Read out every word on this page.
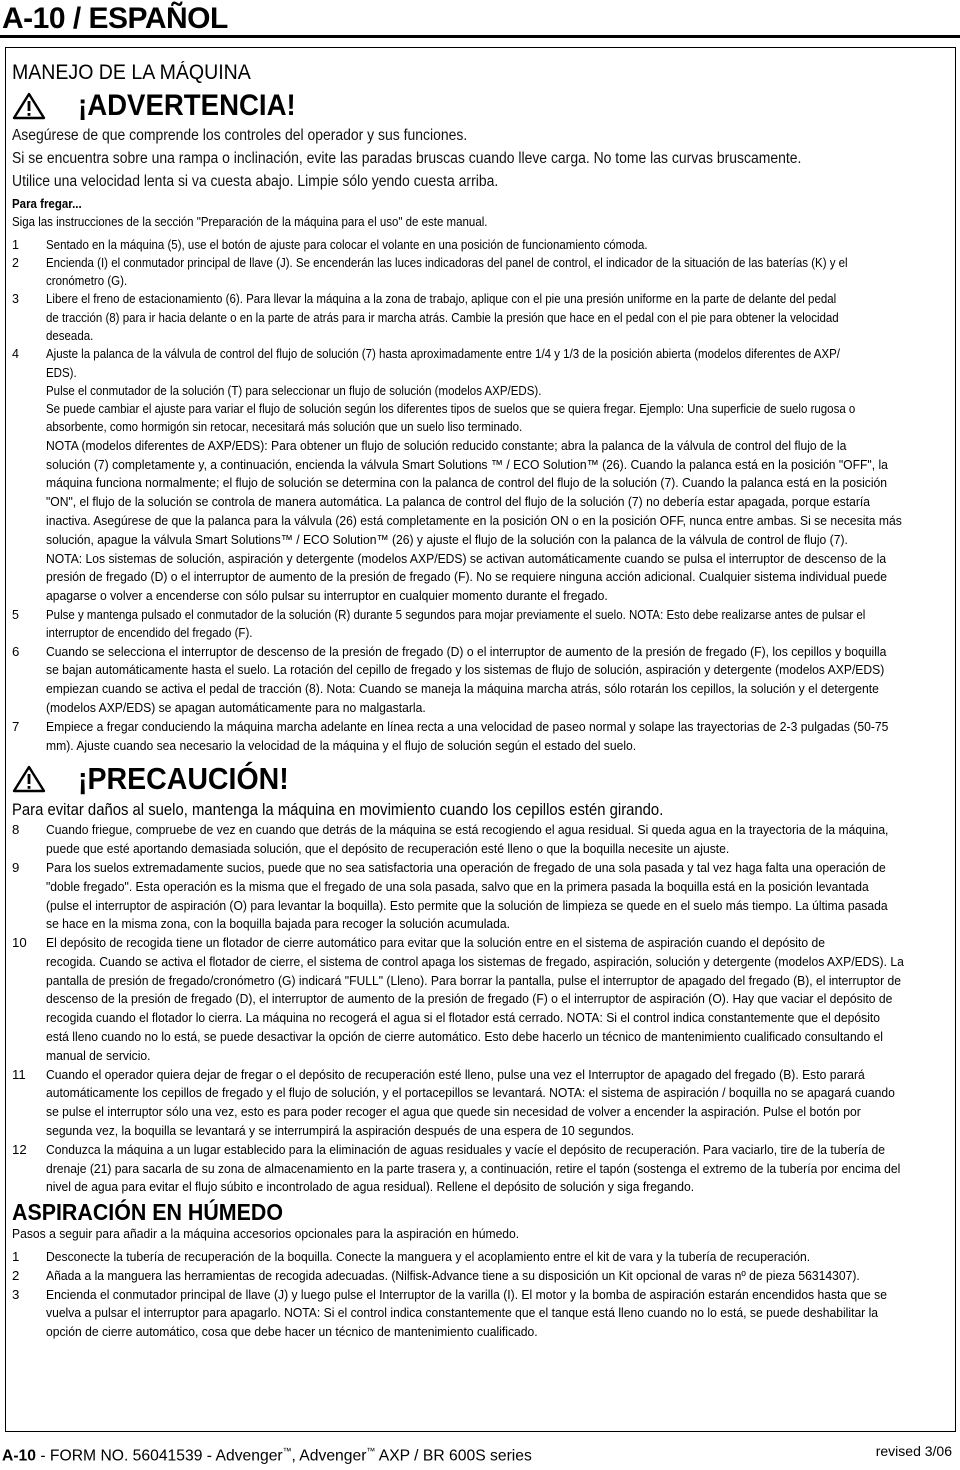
A-10 / ESPAÑOL
MANEJO DE LA MÁQUINA
¡ADVERTENCIA!

Asegúrese de que comprende los controles del operador y sus funciones.

Si se encuentra sobre una rampa o inclinación, evite las paradas bruscas cuando lleve carga. No tome las curvas bruscamente.

Utilice una velocidad lenta si va cuesta abajo. Limpie sólo yendo cuesta arriba.

Para fregar...

Siga las instrucciones de la sección "Preparación de la máquina para el uso" de este manual.

1 Sentado en la máquina (5), use el botón de ajuste para colocar el volante en una posición de funcionamiento cómoda.
2 Encienda (I) el conmutador principal de llave (J). Se encenderán las luces indicadoras del panel de control, el indicador de la situación de las baterías (K) y el
cronómetro (G).
3 Libere el freno de estacionamiento (6). Para llevar la máquina a la zona de trabajo, aplique con el pie una presión uniforme en la parte de delante del pedal
de tracción (8) para ir hacia delante o en la parte de atrás para ir marcha atrás. Cambie la presión que hace en el pedal con el pie para obtener la velocidad
deseada.
4 Ajuste la palanca de la válvula de control del flujo de solución (7) hasta aproximadamente entre 1/4 y 1/3 de la posición abierta (modelos diferentes de AXP/
EDS).
Pulse el conmutador de la solución (T) para seleccionar un flujo de solución (modelos AXP/EDS).
Se puede cambiar el ajuste para variar el flujo de solución según los diferentes tipos de suelos que se quiera fregar. Ejemplo: Una superficie de suelo rugosa o
absorbente, como hormigón sin retocar, necesitará más solución que un suelo liso terminado.
NOTA (modelos diferentes de AXP/EDS): Para obtener un flujo de solución reducido constante; abra la palanca de la válvula de control del flujo de la
solución (7) completamente y, a continuación, encienda la válvula Smart Solutions ™ / ECO Solution™ (26). Cuando la palanca está en la posición "OFF", la
máquina funciona normalmente; el flujo de solución se determina con la palanca de control del flujo de la solución (7). Cuando la palanca está en la posición
"ON", el flujo de la solución se controla de manera automática. La palanca de control del flujo de la solución (7) no debería estar apagada, porque estaría
inactiva. Asegúrese de que la palanca para la válvula (26) está completamente en la posición ON o en la posición OFF, nunca entre ambas. Si se necesita más
solución, apague la válvula Smart Solutions™ / ECO Solution™ (26) y ajuste el flujo de la solución con la palanca de la válvula de control de flujo (7).
NOTA: Los sistemas de solución, aspiración y detergente (modelos AXP/EDS) se activan automáticamente cuando se pulsa el interruptor de descenso de la
presión de fregado (D) o el interruptor de aumento de la presión de fregado (F). No se requiere ninguna acción adicional. Cualquier sistema individual puede
apagarse o volver a encenderse con sólo pulsar su interruptor en cualquier momento durante el fregado.
5 Pulse y mantenga pulsado el conmutador de la solución (R) durante 5 segundos para mojar previamente el suelo. NOTA: Esto debe realizarse antes de pulsar el
interruptor de encendido del fregado (F).
6 Cuando se selecciona el interruptor de descenso de la presión de fregado (D) o el interruptor de aumento de la presión de fregado (F), los cepillos y boquilla
se bajan automáticamente hasta el suelo. La rotación del cepillo de fregado y los sistemas de flujo de solución, aspiración y detergente (modelos AXP/EDS)
empiezan cuando se activa el pedal de tracción (8). Nota: Cuando se maneja la máquina marcha atrás, sólo rotarán los cepillos, la solución y el detergente
(modelos AXP/EDS) se apagan automáticamente para no malgastarla.
7 Empiece a fregar conduciendo la máquina marcha adelante en línea recta a una velocidad de paseo normal y solape las trayectorias de 2-3 pulgadas (50-75
mm). Ajuste cuando sea necesario la velocidad de la máquina y el flujo de solución según el estado del suelo.
¡PRECAUCIÓN!

Para evitar daños al suelo, mantenga la máquina en movimiento cuando los cepillos estén girando.

8 Cuando friegue, compruebe de vez en cuando que detrás de la máquina se está recogiendo el agua residual. Si queda agua en la trayectoria de la máquina,
puede que esté aportando demasiada solución, que el depósito de recuperación esté lleno o que la boquilla necesite un ajuste.
9 Para los suelos extremadamente sucios, puede que no sea satisfactoria una operación de fregado de una sola pasada y tal vez haga falta una operación de
"doble fregado". Esta operación es la misma que el fregado de una sola pasada, salvo que en la primera pasada la boquilla está en la posición levantada
(pulse el interruptor de aspiración (O) para levantar la boquilla). Esto permite que la solución de limpieza se quede en el suelo más tiempo. La última pasada
se hace en la misma zona, con la boquilla bajada para recoger la solución acumulada.
10 El depósito de recogida tiene un flotador de cierre automático para evitar que la solución entre en el sistema de aspiración cuando el depósito de
recogida. Cuando se activa el flotador de cierre, el sistema de control apaga los sistemas de fregado, aspiración, solución y detergente (modelos AXP/EDS). La
pantalla de presión de fregado/cronómetro (G) indicará "FULL" (Lleno). Para borrar la pantalla, pulse el interruptor de apagado del fregado (B), el interruptor de
descenso de la presión de fregado (D), el interruptor de aumento de la presión de fregado (F) o el interruptor de aspiración (O). Hay que vaciar el depósito de
recogida cuando el flotador lo cierra. La máquina no recogerá el agua si el flotador está cerrado. NOTA: Si el control indica constantemente que el depósito
está lleno cuando no lo está, se puede desactivar la opción de cierre automático. Esto debe hacerlo un técnico de mantenimiento cualificado consultando el
manual de servicio.
11 Cuando el operador quiera dejar de fregar o el depósito de recuperación esté lleno, pulse una vez el Interruptor de apagado del fregado (B). Esto parará
automáticamente los cepillos de fregado y el flujo de solución, y el portacepillos se levantará. NOTA: el sistema de aspiración / boquilla no se apagará cuando
se pulse el interruptor sólo una vez, esto es para poder recoger el agua que quede sin necesidad de volver a encender la aspiración. Pulse el botón por
segunda vez, la boquilla se levantará y se interrumpirá la aspiración después de una espera de 10 segundos.
12 Conduzca la máquina a un lugar establecido para la eliminación de aguas residuales y vacíe el depósito de recuperación. Para vaciarlo, tire de la tubería de
drenaje (21) para sacarla de su zona de almacenamiento en la parte trasera y, a continuación, retire el tapón (sostenga el extremo de la tubería por encima del
nivel de agua para evitar el flujo súbito e incontrolado de agua residual). Rellene el depósito de solución y siga fregando.
ASPIRACIÓN EN HÚMEDO

Pasos a seguir para añadir a la máquina accesorios opcionales para la aspiración en húmedo.

1 Desconecte la tubería de recuperación de la boquilla. Conecte la manguera y el acoplamiento entre el kit de vara y la tubería de recuperación.
2 Añada a la manguera las herramientas de recogida adecuadas. (Nilfisk-Advance tiene a su disposición un Kit opcional de varas nº de pieza 56314307).
3 Encienda el conmutador principal de llave (J) y luego pulse el Interruptor de la varilla (I). El motor y la bomba de aspiración estarán encendidos hasta que se
vuelva a pulsar el interruptor para apagarlo. NOTA: Si el control indica constantemente que el tanque está lleno cuando no lo está, se puede deshabilitar la
opción de cierre automático, cosa que debe hacer un técnico de mantenimiento cualificado.
A-10 - FORM NO. 56041539 - Advenger™, Advenger™ AXP / BR 600S series	revised 3/06
